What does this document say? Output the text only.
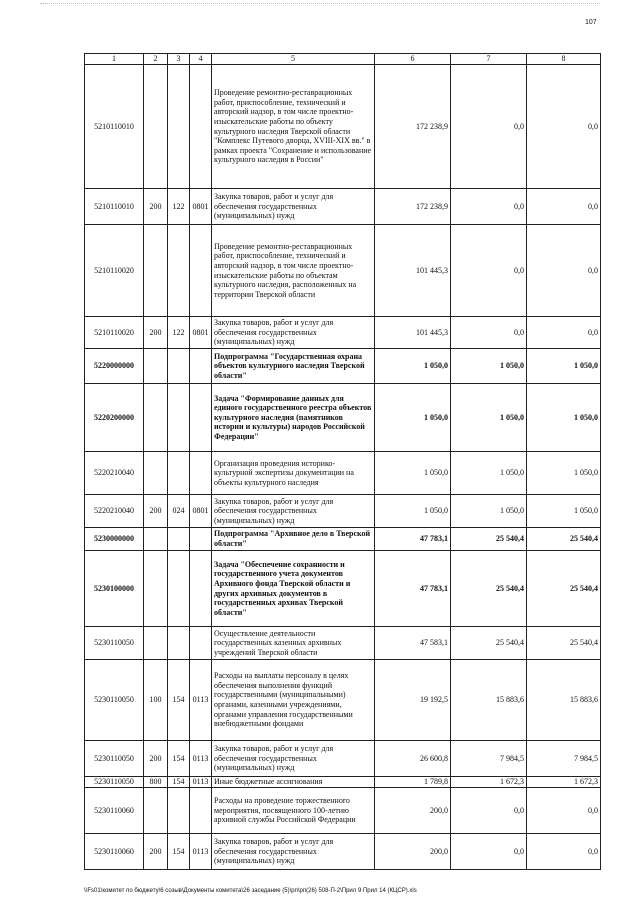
107
1	2	3	4	5	6	7	8
5210110010				Проведение ремонтно-реставрационных работ, приспособление, технический и авторский надзор, в том числе проектно-изыскательские работы по объекту культурного наследия Тверской области "Комплекс Путевого дворца, XVIII-XIX вв." в рамках проекта "Сохранение и использование культурного наследия в России"	172 238,9	0,0	0,0
5210110010	200	122	0801	Закупка товаров, работ и услуг для обеспечения государственных (муниципальных) нужд	172 238,9	0,0	0,0
5210110020				Проведение ремонтно-реставрационных работ, приспособление, технический и авторский надзор, в том числе проектно-изыскательские работы по объектам культурного наследия, расположенных на территории Тверской области	101 445,3	0,0	0,0
5210110020	200	122	0801	Закупка товаров, работ и услуг для обеспечения государственных (муниципальных) нужд	101 445,3	0,0	0,0
5220000000				Подпрограмма "Государственная охрана объектов культурного наследия Тверской области"	1 050,0	1 050,0	1 050,0
5220200000				Задача "Формирование данных для единого государственного реестра объектов культурного наследия (памятников истории и культуры) народов Российской Федерации"	1 050,0	1 050,0	1 050,0
5220210040				Организация проведения историко-культурной экспертизы документации на объекты культурного наследия	1 050,0	1 050,0	1 050,0
5220210040	200	024	0801	Закупка товаров, работ и услуг для обеспечения государственных (муниципальных) нужд	1 050,0	1 050,0	1 050,0
5230000000				Подпрограмма "Архивное дело в Тверской области"	47 783,1	25 540,4	25 540,4
5230100000				Задача "Обеспечение сохранности и государственного учета документов Архивного фонда Тверской области и других архивных документов в государственных архивах Тверской области"	47 783,1	25 540,4	25 540,4
5230110050				Осуществление деятельности государственных казенных архивных учреждений Тверской области	47 583,1	25 540,4	25 540,4
5230110050	100	154	0113	Расходы на выплаты персоналу в целях обеспечения выполнения функций государственными (муниципальными) органами, казенными учреждениями, органами управления государственными внебюджетными фондами	19 192,5	15 883,6	15 883,6
5230110050	200	154	0113	Закупка товаров, работ и услуг для обеспечения государственных (муниципальных) нужд	26 600,8	7 984,5	7 984,5
5230110050	800	154	0113	Иные бюджетные ассигнования	1 789,8	1 672,3	1 672,3
5230110060				Расходы на проведение торжественного мероприятия, посвященного 100-летию архивной службы Российской Федерации	200,0	0,0	0,0
5230110060	200	154	0113	Закупка товаров, работ и услуг для обеспечения государственных (муниципальных) нужд	200,0	0,0	0,0
\\Fs01\комитет по бюджету\6 созыв\Документы комитета\26 заседание (5)\рп\рп(26) 508-П-2\Прил 9 Прил 14 (КЦСР).xls
